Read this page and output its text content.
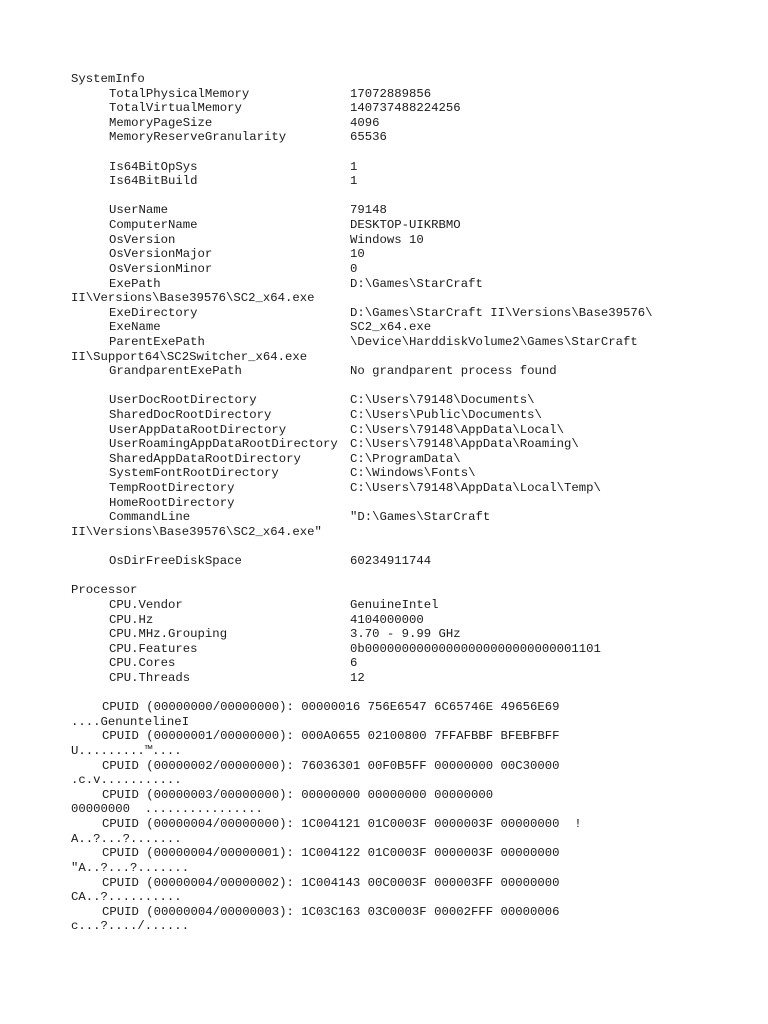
SystemInfo
TotalPhysicalMemory	17072889856
TotalVirtualMemory	140737488224256
MemoryPageSize	4096
MemoryReserveGranularity	65536
Is64BitOpSys	1
Is64BitBuild	1
UserName	79148
ComputerName	DESKTOP-UIKRBMO
OsVersion	Windows 10
OsVersionMajor	10
OsVersionMinor	0
ExePath	D:\Games\StarCraft
II\Versions\Base39576\SC2_x64.exe
ExeDirectory	D:\Games\StarCraft II\Versions\Base39576\
ExeName	SC2_x64.exe
ParentExePath	\Device\HarddiskVolume2\Games\StarCraft
II\Support64\SC2Switcher_x64.exe
GrandparentExePath	No grandparent process found
UserDocRootDirectory	C:\Users\79148\Documents\
SharedDocRootDirectory	C:\Users\Public\Documents\
UserAppDataRootDirectory	C:\Users\79148\AppData\Local\
UserRoamingAppDataRootDirectory C:\Users\79148\AppData\Roaming\
SharedAppDataRootDirectory	C:\ProgramData\
SystemFontRootDirectory	C:\Windows\Fonts\
TempRootDirectory	C:\Users\79148\AppData\Local\Temp\
HomeRootDirectory
CommandLine	"D:\Games\StarCraft
II\Versions\Base39576\SC2_x64.exe"
OsDirFreeDiskSpace	60234911744
Processor
CPU.Vendor	GenuineIntel
CPU.Hz	4104000000
CPU.MHz.Grouping	3.70 - 9.99 GHz
CPU.Features	0b00000000000000000000000000001101
CPU.Cores	6
CPU.Threads	12
CPUID (00000000/00000000): 00000016 756E6547 6C65746E 49656E69
....GenuntelineI
CPUID (00000001/00000000): 000A0655 02100800 7FFAFBBF BFEBFBFF
U.........™....
CPUID (00000002/00000000): 76036301 00F0B5FF 00000000 00C30000
.c.v...........
CPUID (00000003/00000000): 00000000 00000000 00000000
00000000  ................
CPUID (00000004/00000000): 1C004121 01C0003F 0000003F 00000000  !
A..?...?.......
CPUID (00000004/00000001): 1C004122 01C0003F 0000003F 00000000
"A..?...?.......
CPUID (00000004/00000002): 1C004143 00C0003F 000003FF 00000000
CA..?..........
CPUID (00000004/00000003): 1C03C163 03C0003F 00002FFF 00000006
c...?..../......
